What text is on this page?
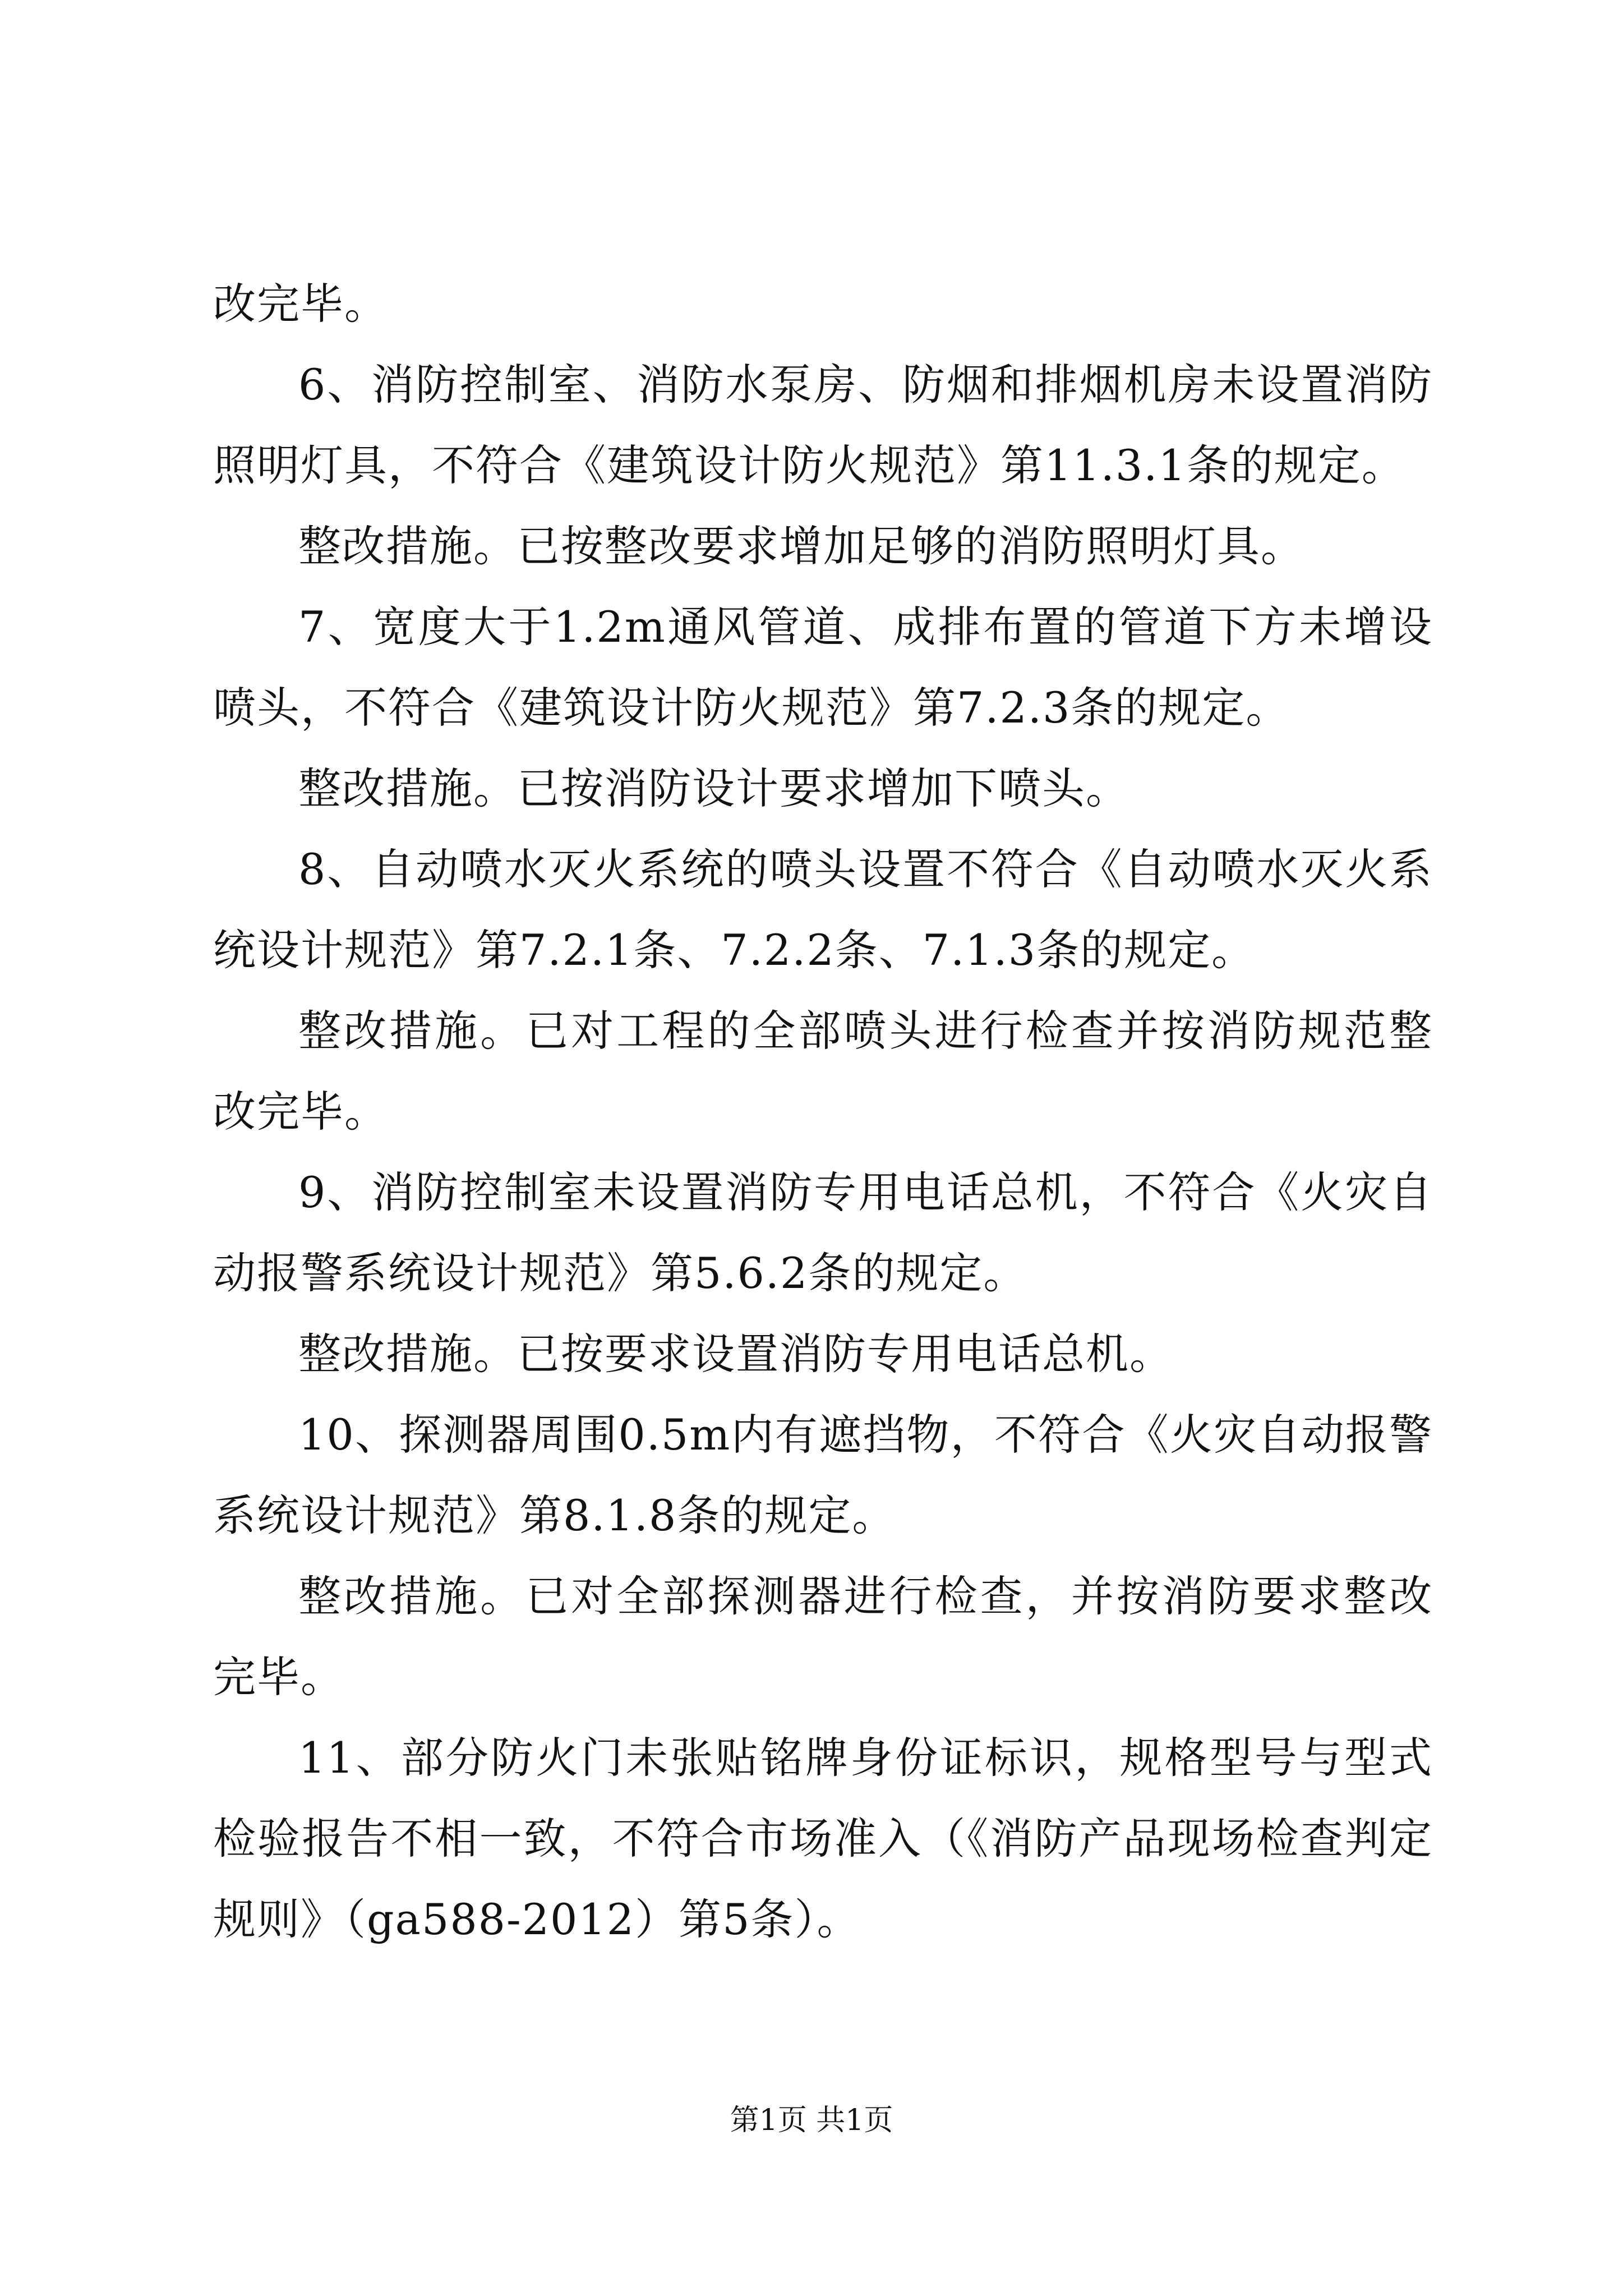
改完毕。

6、消防控制室、消防水泵房、防烟和排烟机房未设置消防照明灯具，不符合《建筑设计防火规范》第11.3.1条的规定。

整改措施。已按整改要求增加足够的消防照明灯具。

7、宽度大于1.2m通风管道、成排布置的管道下方未增设喷头，不符合《建筑设计防火规范》第7.2.3条的规定。

整改措施。已按消防设计要求增加下喷头。

8、自动喷水灭火系统的喷头设置不符合《自动喷水灭火系统设计规范》第7.2.1条、7.2.2条、7.1.3条的规定。

整改措施。已对工程的全部喷头进行检查并按消防规范整改完毕。

9、消防控制室未设置消防专用电话总机，不符合《火灾自动报警系统设计规范》第5.6.2条的规定。

整改措施。已按要求设置消防专用电话总机。

10、探测器周围0.5m内有遮挡物，不符合《火灾自动报警系统设计规范》第8.1.8条的规定。

整改措施。已对全部探测器进行检查，并按消防要求整改完毕。

11、部分防火门未张贴铭牌身份证标识，规格型号与型式检验报告不相一致，不符合市场准入（《消防产品现场检查判定规则》（ga588-2012）第5条）。

第1页 共1页
